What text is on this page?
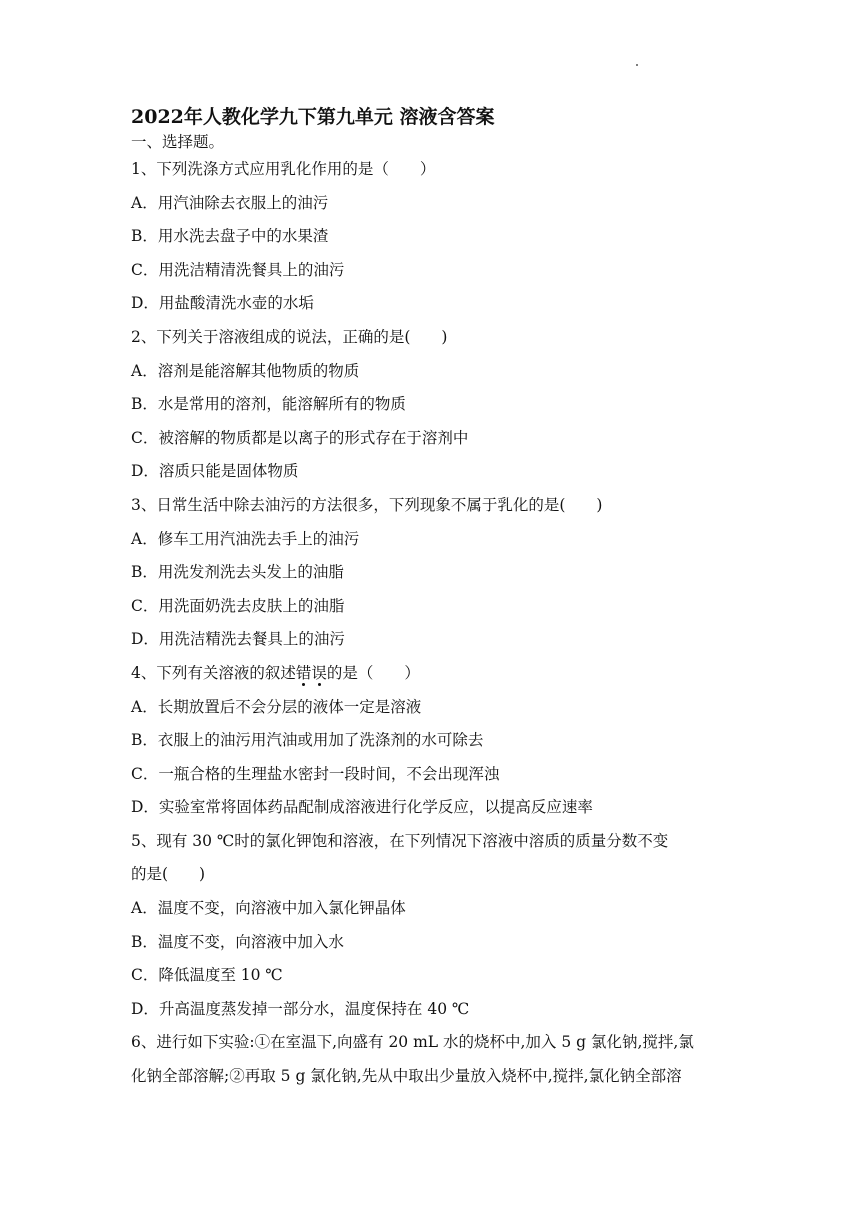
2022年人教化学九下第九单元 溶液含答案
一、选择题。
1、下列洗涤方式应用乳化作用的是（　　）
A．用汽油除去衣服上的油污
B．用水洗去盘子中的水果渣
C．用洗洁精清洗餐具上的油污
D．用盐酸清洗水壶的水垢
2、下列关于溶液组成的说法，正确的是(　　)
A．溶剂是能溶解其他物质的物质
B．水是常用的溶剂，能溶解所有的物质
C．被溶解的物质都是以离子的形式存在于溶剂中
D．溶质只能是固体物质
3、日常生活中除去油污的方法很多，下列现象不属于乳化的是(　　)
A．修车工用汽油洗去手上的油污
B．用洗发剂洗去头发上的油脂
C．用洗面奶洗去皮肤上的油脂
D．用洗洁精洗去餐具上的油污
4、下列有关溶液的叙述错误的是（　　）
A．长期放置后不会分层的液体一定是溶液
B．衣服上的油污用汽油或用加了洗涤剂的水可除去
C．一瓶合格的生理盐水密封一段时间，不会出现浑浊
D．实验室常将固体药品配制成溶液进行化学反应，以提高反应速率
5、现有 30 ℃时的氯化钾饱和溶液，在下列情况下溶液中溶质的质量分数不变
的是(　　)
A．温度不变，向溶液中加入氯化钾晶体
B．温度不变，向溶液中加入水
C．降低温度至 10 ℃
D．升高温度蒸发掉一部分水，温度保持在 40 ℃
6、进行如下实验:①在室温下,向盛有 20 mL 水的烧杯中,加入 5 g 氯化钠,搅拌,氯
化钠全部溶解;②再取 5 g 氯化钠,先从中取出少量放入烧杯中,搅拌,氯化钠全部溶
